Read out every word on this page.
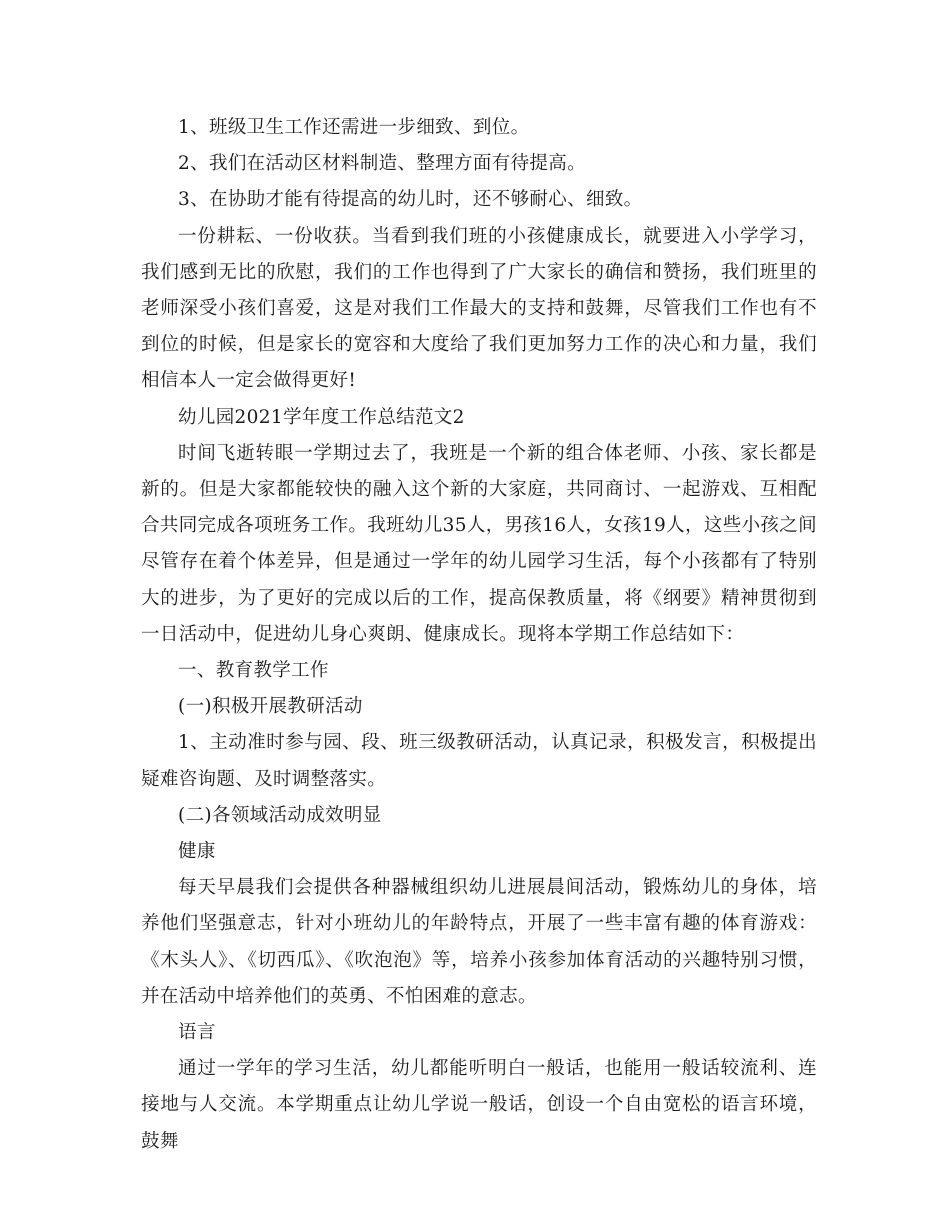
1、班级卫生工作还需进一步细致、到位。

2、我们在活动区材料制造、整理方面有待提高。

3、在协助才能有待提高的幼儿时，还不够耐心、细致。

一份耕耘、一份收获。当看到我们班的小孩健康成长，就要进入小学学习，我们感到无比的欣慰，我们的工作也得到了广大家长的确信和赞扬，我们班里的老师深受小孩们喜爱，这是对我们工作最大的支持和鼓舞，尽管我们工作也有不到位的时候，但是家长的宽容和大度给了我们更加努力工作的决心和力量，我们相信本人一定会做得更好!

幼儿园2021学年度工作总结范文2

时间飞逝转眼一学期过去了，我班是一个新的组合体老师、小孩、家长都是新的。但是大家都能较快的融入这个新的大家庭，共同商讨、一起游戏、互相配合共同完成各项班务工作。我班幼儿35人，男孩16人，女孩19人，这些小孩之间尽管存在着个体差异，但是通过一学年的幼儿园学习生活，每个小孩都有了特别大的进步，为了更好的完成以后的工作，提高保教质量，将《纲要》精神贯彻到一日活动中，促进幼儿身心爽朗、健康成长。现将本学期工作总结如下：

一、教育教学工作

(一)积极开展教研活动

1、主动准时参与园、段、班三级教研活动，认真记录，积极发言，积极提出疑难咨询题、及时调整落实。

(二)各领域活动成效明显

健康

每天早晨我们会提供各种器械组织幼儿进展晨间活动，锻炼幼儿的身体，培养他们坚强意志，针对小班幼儿的年龄特点，开展了一些丰富有趣的体育游戏：《木头人》、《切西瓜》、《吹泡泡》等，培养小孩参加体育活动的兴趣特别习惯，并在活动中培养他们的英勇、不怕困难的意志。

语言

通过一学年的学习生活，幼儿都能听明白一般话，也能用一般话较流利、连接地与人交流。本学期重点让幼儿学说一般话，创设一个自由宽松的语言环境，鼓舞
